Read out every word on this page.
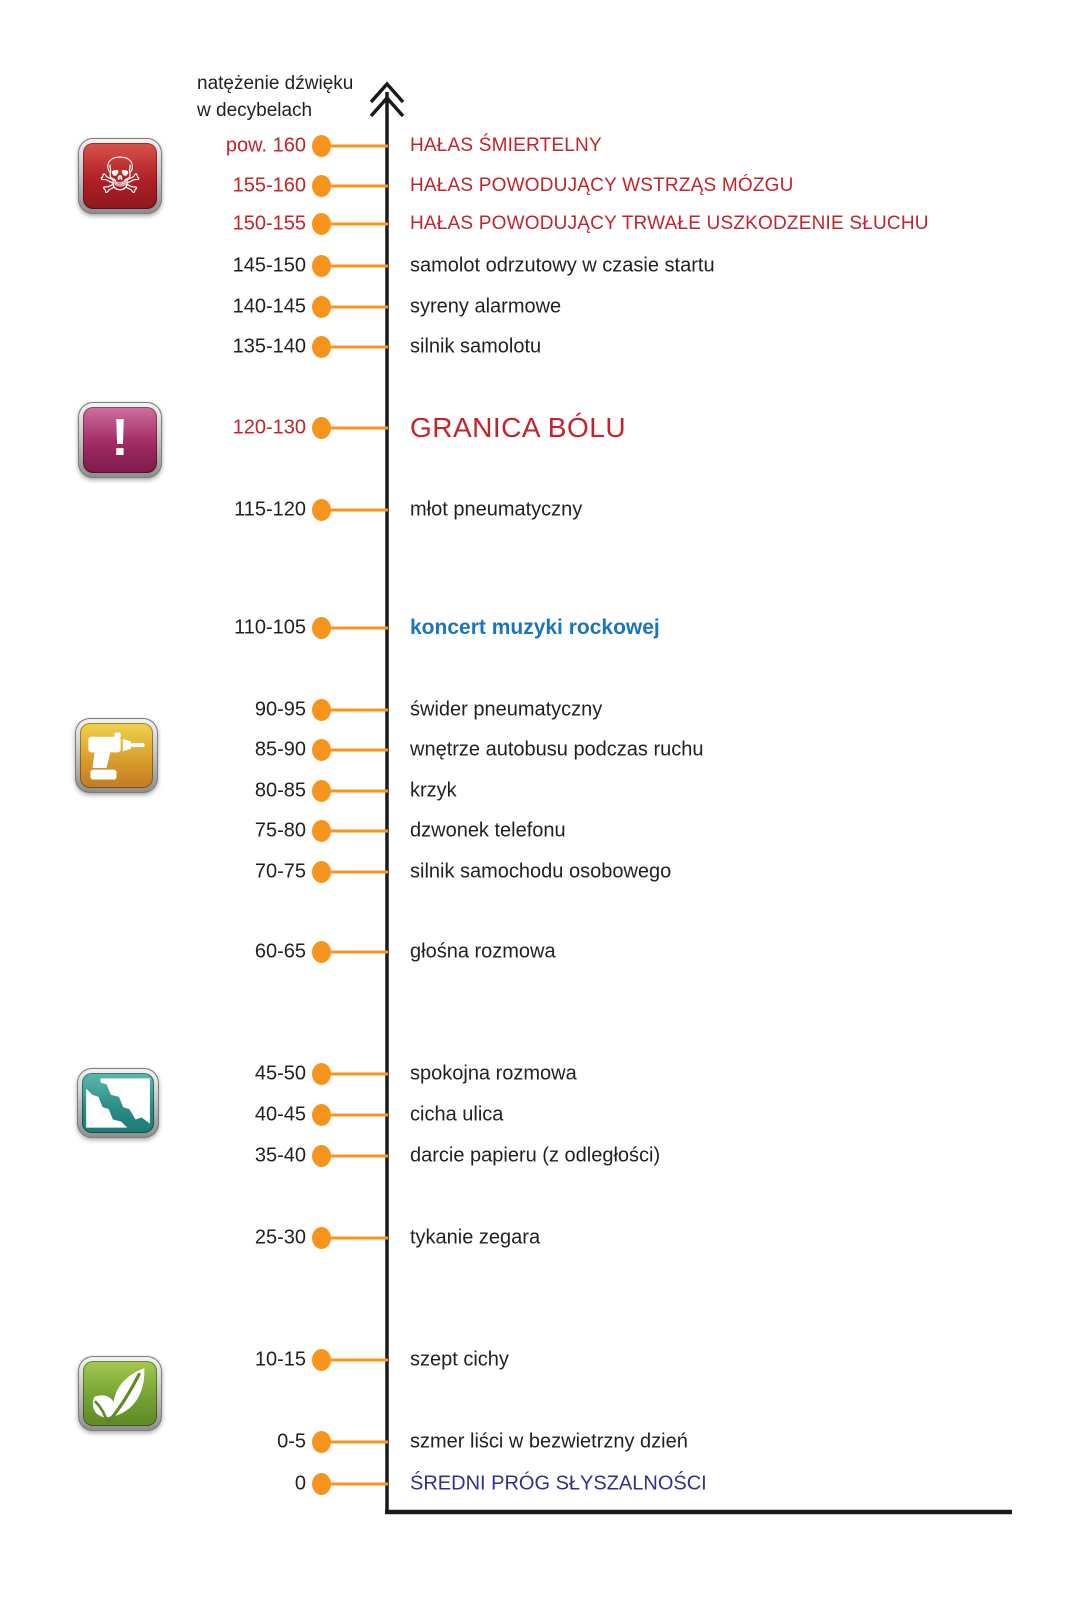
natężenie dźwięku
w decybelach
pow. 160	HAŁAS ŚMIERTELNY
155-160	HAŁAS POWODUJĄCY WSTRZĄS MÓZGU
150-155	HAŁAS POWODUJĄCY TRWAŁE USZKODZENIE SŁUCHU
145-150	samolot odrzutowy w czasie startu
140-145	syreny alarmowe
135-140	silnik samolotu
120-130	GRANICA BÓLU
115-120	młot pneumatyczny
110-105	koncert muzyki rockowej
90-95	świder pneumatyczny
85-90	wnętrze autobusu podczas ruchu
80-85	krzyk
75-80	dzwonek telefonu
70-75	silnik samochodu osobowego
60-65	głośna rozmowa
45-50	spokojna rozmowa
40-45	cicha ulica
35-40	darcie papieru (z odległości)
25-30	tykanie zegara
10-15	szept cichy
0-5	szmer liści w bezwietrzny dzień
0	ŚREDNI PRÓG SŁYSZALNOŚCI
☠
!
